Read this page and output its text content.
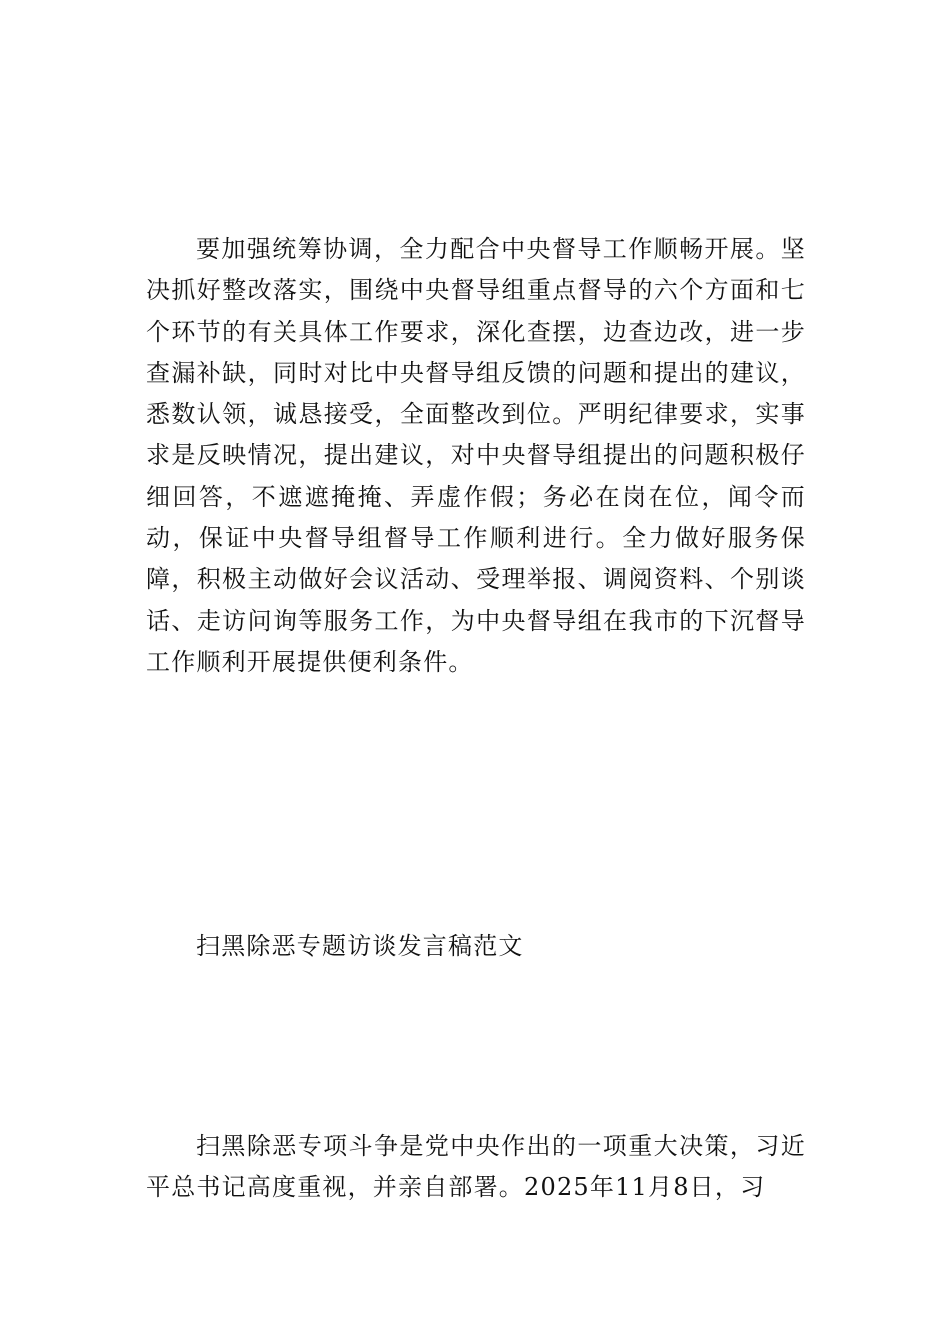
要加强统筹协调，全力配合中央督导工作顺畅开展。坚决抓好整改落实，围绕中央督导组重点督导的六个方面和七个环节的有关具体工作要求，深化查摆，边查边改，进一步查漏补缺，同时对比中央督导组反馈的问题和提出的建议，悉数认领，诚恳接受，全面整改到位。严明纪律要求，实事求是反映情况，提出建议，对中央督导组提出的问题积极仔细回答，不遮遮掩掩、弄虚作假；务必在岗在位，闻令而动，保证中央督导组督导工作顺利进行。全力做好服务保障，积极主动做好会议活动、受理举报、调阅资料、个别谈话、走访问询等服务工作，为中央督导组在我市的下沉督导工作顺利开展提供便利条件。

扫黑除恶专题访谈发言稿范文

扫黑除恶专项斗争是党中央作出的一项重大决策，习近平总书记高度重视，并亲自部署。2025年11月8日，习
